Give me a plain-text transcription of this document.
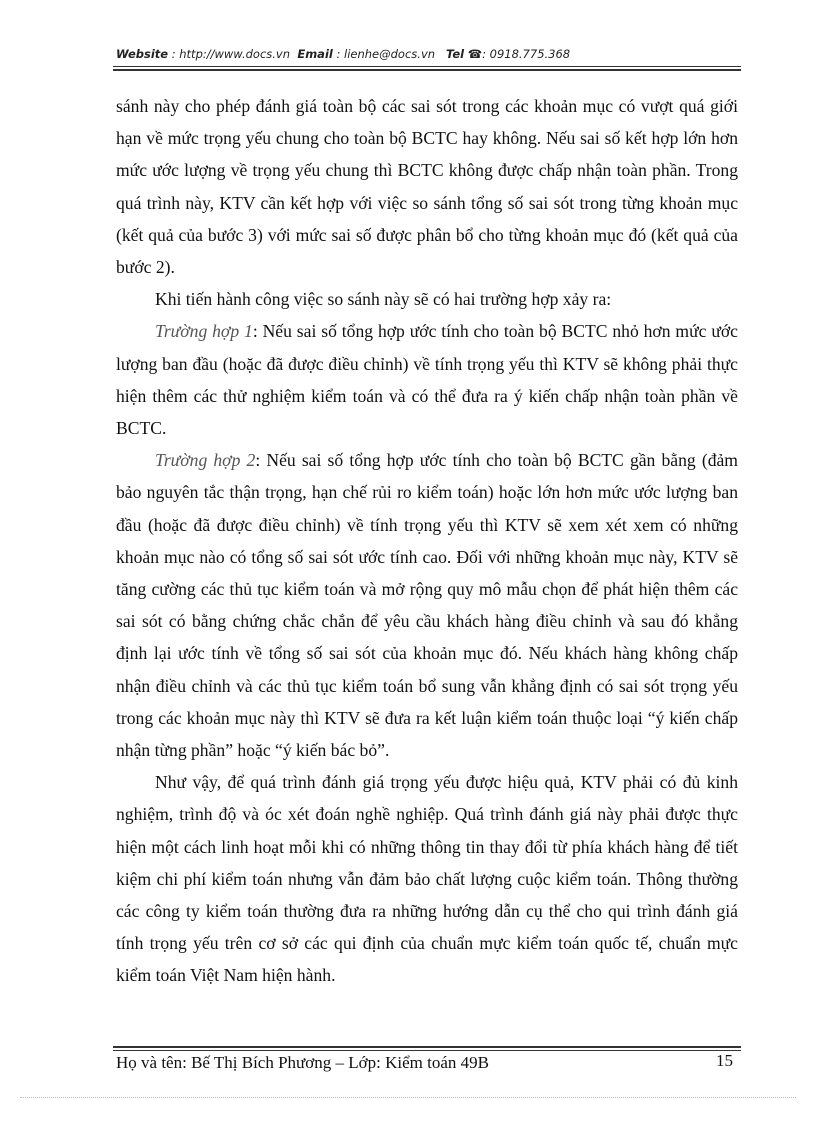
Website : http://www.docs.vn Email : lienhe@docs.vn Tel ☎: 0918.775.368

sánh này cho phép đánh giá toàn bộ các sai sót trong các khoản mục có vượt quá giới hạn về mức trọng yếu chung cho toàn bộ BCTC hay không. Nếu sai số kết hợp lớn hơn mức ước lượng về trọng yếu chung thì BCTC không được chấp nhận toàn phần. Trong quá trình này, KTV cần kết hợp với việc so sánh tổng số sai sót trong từng khoản mục (kết quả của bước 3) với mức sai số được phân bổ cho từng khoản mục đó (kết quả của bước 2).

Khi tiến hành công việc so sánh này sẽ có hai trường hợp xảy ra:

Trường hợp 1: Nếu sai số tổng hợp ước tính cho toàn bộ BCTC nhỏ hơn mức ước lượng ban đầu (hoặc đã được điều chỉnh) về tính trọng yếu thì KTV sẽ không phải thực hiện thêm các thử nghiệm kiểm toán và có thể đưa ra ý kiến chấp nhận toàn phần về BCTC.

Trường hợp 2: Nếu sai số tổng hợp ước tính cho toàn bộ BCTC gần bằng (đảm bảo nguyên tắc thận trọng, hạn chế rủi ro kiểm toán) hoặc lớn hơn mức ước lượng ban đầu (hoặc đã được điều chỉnh) về tính trọng yếu thì KTV sẽ xem xét xem có những khoản mục nào có tổng số sai sót ước tính cao. Đối với những khoản mục này, KTV sẽ tăng cường các thủ tục kiểm toán và mở rộng quy mô mẫu chọn để phát hiện thêm các sai sót có bằng chứng chắc chắn để yêu cầu khách hàng điều chỉnh và sau đó khẳng định lại ước tính về tổng số sai sót của khoản mục đó. Nếu khách hàng không chấp nhận điều chỉnh và các thủ tục kiểm toán bổ sung vẫn khẳng định có sai sót trọng yếu trong các khoản mục này thì KTV sẽ đưa ra kết luận kiểm toán thuộc loại “ý kiến chấp nhận từng phần” hoặc “ý kiến bác bỏ”.

Như vậy, để quá trình đánh giá trọng yếu được hiệu quả, KTV phải có đủ kinh nghiệm, trình độ và óc xét đoán nghề nghiệp. Quá trình đánh giá này phải được thực hiện một cách linh hoạt mỗi khi có những thông tin thay đổi từ phía khách hàng để tiết kiệm chi phí kiểm toán nhưng vẫn đảm bảo chất lượng cuộc kiểm toán. Thông thường các công ty kiểm toán thường đưa ra những hướng dẫn cụ thể cho qui trình đánh giá tính trọng yếu trên cơ sở các qui định của chuẩn mực kiểm toán quốc tế, chuẩn mực kiểm toán Việt Nam hiện hành.

Họ và tên: Bế Thị Bích Phương – Lớp: Kiểm toán 49B	15
